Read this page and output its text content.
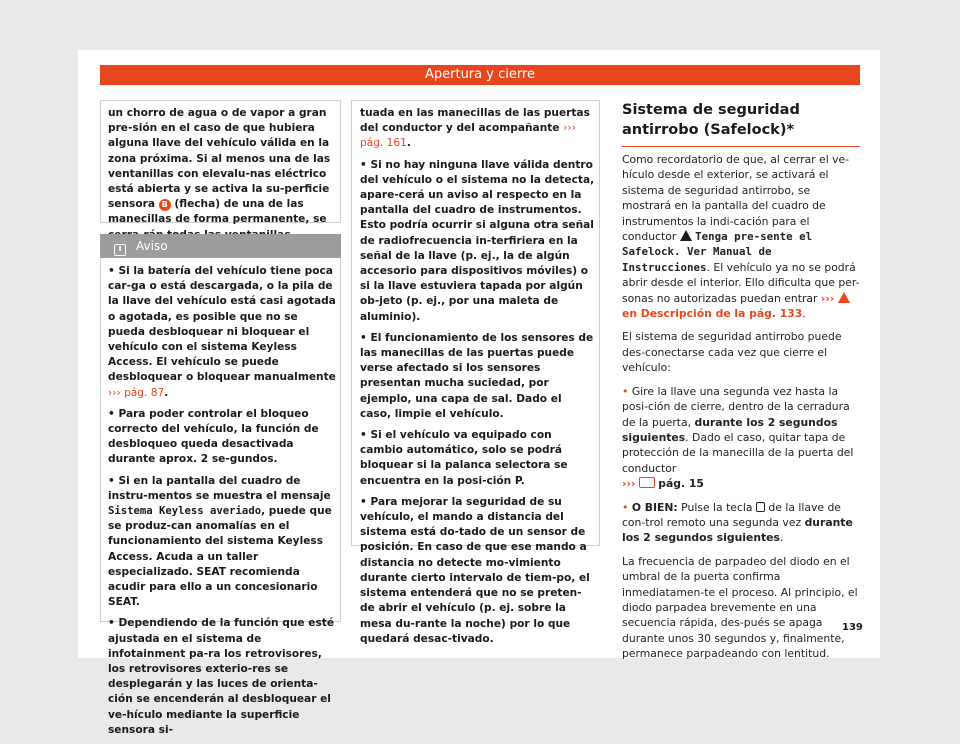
Apertura y cierre
un chorro de agua o de vapor a gran pre-sión en el caso de que hubiera alguna llave del vehículo válida en la zona próxima. Si al menos una de las ventanillas con elevalu-nas eléctrico está abierta y se activa la su-perficie sensora B (flecha) de una de las manecillas de forma permanente, se
i Aviso

• Si la batería del vehículo tiene poca car-ga o está descargada, o la pila de la llave del vehículo está casi agotada o agotada, es posible que no se pueda desbloquear ni bloquear el vehículo con el sistema Keyless Access. El vehículo se puede desbloquear o bloquear manualmente ››› pág. 87.

• Para poder controlar el bloqueo correcto del vehículo, la función de desbloqueo queda desactivada durante aprox. 2 se-gundos.

• Si en la pantalla del cuadro de instru-mentos se muestra el mensaje Sistema Keyless averiado, puede que se produz-can anomalías en el funcionamiento del sistema Keyless Access. Acuda a un taller especializado. SEAT recomienda acudir para ello a un concesionario SEAT.

• Dependiendo de la función que esté ajustada en el sistema de infotainment pa-ra los retrovisores, los retrovisores exterio-res se desplegarán y las luces de orienta-ción se encenderán al desbloquear el ve-hículo mediante la superficie sensora si-

tuada en las manecillas de las puertas del conductor y del acompañante ››› pág. 161.

• Si no hay ninguna llave válida dentro del vehículo o el sistema no la detecta, apare-cerá un aviso al respecto en la pantalla del cuadro de instrumentos. Esto podría ocurrir si alguna otra señal de radiofrecuencia in-terfiriera en la señal de la llave (p. ej., la de algún accesorio para dispositivos móviles) o si la llave estuviera tapada por algún ob-jeto (p. ej., por una maleta de aluminio).

• El funcionamiento de los sensores de las manecillas de las puertas puede verse afectado si los sensores presentan mucha suciedad, por ejemplo, una capa de sal. Dado el caso, limpie el vehículo.

• Si el vehículo va equipado con cambio automático, solo se podrá bloquear si la palanca selectora se encuentra en la posi-ción P.

• Para mejorar la seguridad de su vehículo, el mando a distancia del sistema está do-tado de un sensor de posición. En caso de que ese mando a distancia no detecte mo-vimiento durante cierto intervalo de tiem-po, el sistema entenderá que no se preten-de abrir el vehículo (p. ej. sobre la mesa du-rante la noche) por lo que quedará desac-tivado.

Sistema de seguridad antirrobo (Safelock)*

Como recordatorio de que, al cerrar el ve-hículo desde el exterior, se activará el sistema de seguridad antirrobo, se mostrará en la pantalla del cuadro de instrumentos la indi-cación para el conductor  Tenga pre-sente el Safelock. Ver Manual de Instrucciones. El vehículo ya no se podrá abrir desde el interior. Ello dificulta que per-sonas no autorizadas puedan entrar ›››  en Descripción de la pág. 133.

El sistema de seguridad antirrobo puede des-conectarse cada vez que cierre el vehículo:

• Gire la llave una segunda vez hasta la posi-ción de cierre, dentro de la cerradura de la puerta, durante los 2 segundos siguientes. Dado el caso, quitar tapa de protección de la manecilla de la puerta del conductor
››› pág. 15

• O BIEN: Pulse la tecla  de la llave de con-trol remoto una segunda vez durante los 2 segundos siguientes.

La frecuencia de parpadeo del diodo en el umbral de la puerta confirma inmediatamen-te el proceso. Al principio, el diodo parpadea brevemente en una secuencia rápida, des-pués se apaga durante unos 30 segundos y, finalmente, permanece parpadeando con lentitud.

139
